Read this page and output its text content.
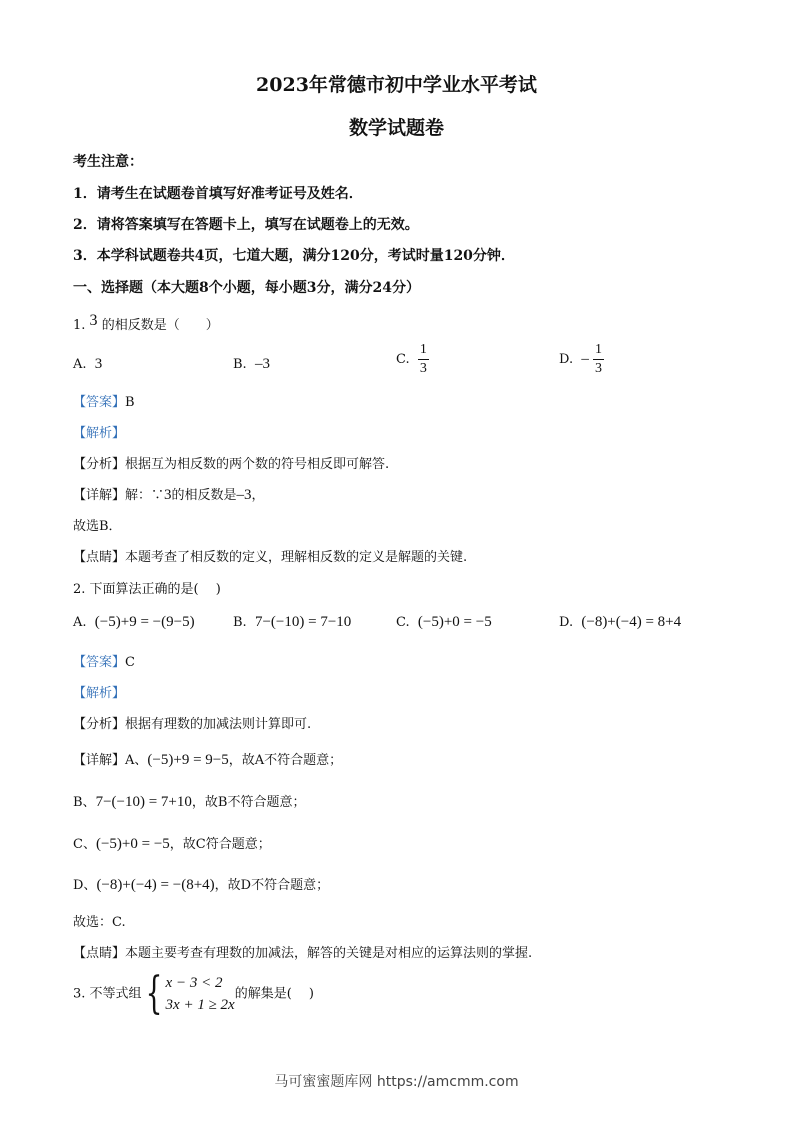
2023年常德市初中学业水平考试
数学试题卷
考生注意：
1．请考生在试题卷首填写好准考证号及姓名．
2．请将答案填写在答题卡上，填写在试题卷上的无效。
3．本学科试题卷共4页，七道大题，满分120分，考试时量120分钟．
一、选择题（本大题8个小题，每小题3分，满分24分）
1. 3 的相反数是（　　）
A. 3	B. –3	C. $\frac{1}{3}$	D. – $\frac{1}{3}$
【答案】B
【解析】
【分析】根据互为相反数的两个数的符号相反即可解答.
【详解】解：∵3的相反数是–3，
故选B．
【点睛】本题考查了相反数的定义，理解相反数的定义是解题的关键.
2. 下面算法正确的是(　 )
A. (−5)+9 = −(9−5)	B. 7−(−10) = 7−10	C. (−5)+0 = −5	D. (−8)+(−4) = 8+4
【答案】C
【解析】
【分析】根据有理数的加减法则计算即可.
【详解】A、(−5)+9 = 9−5，故A不符合题意；
B、7−(−10) = 7+10，故B不符合题意；
C、(−5)+0 = −5，故C符合题意；
D、(−8)+(−4) = −(8+4)，故D不符合题意；
故选：C.
【点睛】本题主要考查有理数的加减法，解答的关键是对相应的运算法则的掌握.
3. 不等式组{ x − 3 < 2
3x + 1 ≥ 2x
的解集是(　 )
马可蜜蜜题库网 https://amcmm.com
